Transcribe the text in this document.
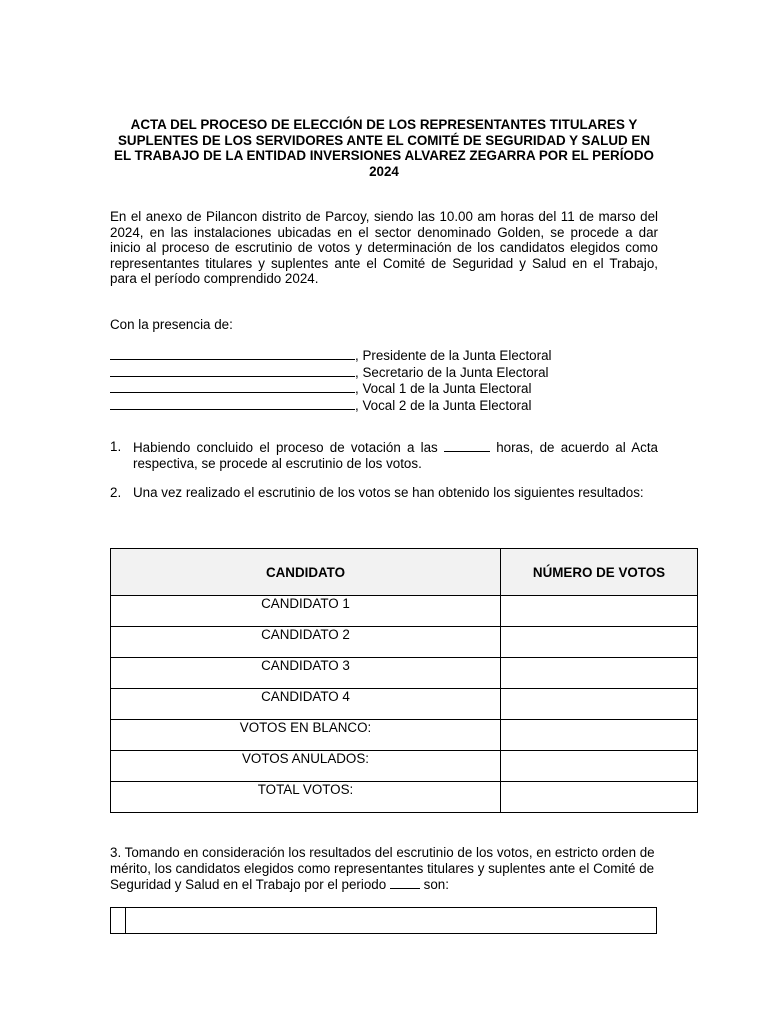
ACTA DEL PROCESO DE ELECCIÓN DE LOS REPRESENTANTES TITULARES Y SUPLENTES DE LOS SERVIDORES ANTE EL COMITÉ DE SEGURIDAD Y SALUD EN EL TRABAJO DE LA ENTIDAD INVERSIONES ALVAREZ ZEGARRA POR EL PERÍODO 2024
En el anexo de Pilancon distrito de Parcoy, siendo las 10.00 am horas del 11 de marso del 2024, en las instalaciones ubicadas en el sector denominado Golden, se procede a dar inicio al proceso de escrutinio de votos y determinación de los candidatos elegidos como representantes titulares y suplentes ante el Comité de Seguridad y Salud en el Trabajo, para el período comprendido 2024.
Con la presencia de:
, Presidente de la Junta Electoral
, Secretario de la Junta Electoral
, Vocal 1 de la Junta Electoral
, Vocal 2 de la Junta Electoral
1. Habiendo concluido el proceso de votación a las	horas, de acuerdo al Acta respectiva, se procede al escrutinio de los votos.
2. Una vez realizado el escrutinio de los votos se han obtenido los siguientes resultados:
CANDIDATO	NÚMERO DE VOTOS

CANDIDATO 1	

CANDIDATO 2	

CANDIDATO 3	

CANDIDATO 4	

VOTOS EN BLANCO:	

VOTOS ANULADOS:	

TOTAL VOTOS:	

3. Tomando en consideración los resultados del escrutinio de los votos, en estricto orden de mérito, los candidatos elegidos como representantes titulares y suplentes ante el Comité de Seguridad y Salud en el Trabajo por el periodo	son:
